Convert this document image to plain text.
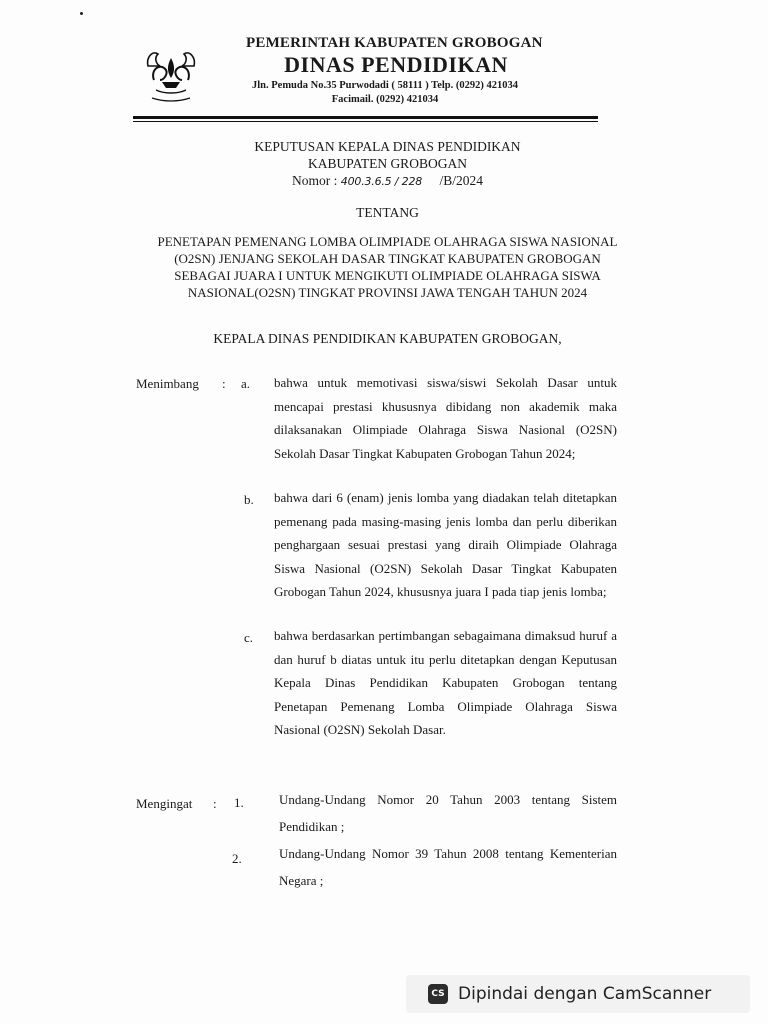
PEMERINTAH KABUPATEN GROBOGAN
DINAS PENDIDIKAN
Jln. Pemuda No.35 Purwodadi ( 58111 ) Telp. (0292) 421034
Facimail. (0292) 421034
KEPUTUSAN KEPALA DINAS PENDIDIKAN
KABUPATEN GROBOGAN
Nomor : 400.3.6.5 / 228 /B/2024
TENTANG
PENETAPAN PEMENANG LOMBA OLIMPIADE OLAHRAGA SISWA NASIONAL
(O2SN) JENJANG SEKOLAH DASAR TINGKAT KABUPATEN GROBOGAN
SEBAGAI JUARA I UNTUK MENGIKUTI OLIMPIADE OLAHRAGA SISWA
NASIONAL(O2SN) TINGKAT PROVINSI JAWA TENGAH TAHUN 2024
KEPALA DINAS PENDIDIKAN KABUPATEN GROBOGAN,
Menimbang : a. bahwa untuk memotivasi siswa/siswi Sekolah Dasar untuk mencapai prestasi khususnya dibidang non akademik maka dilaksanakan Olimpiade Olahraga Siswa Nasional (O2SN) Sekolah Dasar Tingkat Kabupaten Grobogan Tahun 2024;
b. bahwa dari 6 (enam) jenis lomba yang diadakan telah ditetapkan pemenang pada masing-masing jenis lomba dan perlu diberikan penghargaan sesuai prestasi yang diraih Olimpiade Olahraga Siswa Nasional (O2SN) Sekolah Dasar Tingkat Kabupaten Grobogan Tahun 2024, khususnya juara I pada tiap jenis lomba;
c. bahwa berdasarkan pertimbangan sebagaimana dimaksud huruf a dan huruf b diatas untuk itu perlu ditetapkan dengan Keputusan Kepala Dinas Pendidikan Kabupaten Grobogan tentang Penetapan Pemenang Lomba Olimpiade Olahraga Siswa Nasional (O2SN) Sekolah Dasar.
Mengingat : 1.	Undang-Undang Nomor 20 Tahun 2003 tentang Sistem Pendidikan ;
2.	Undang-Undang Nomor 39 Tahun 2008 tentang Kementerian Negara ;
CS Dipindai dengan CamScanner
